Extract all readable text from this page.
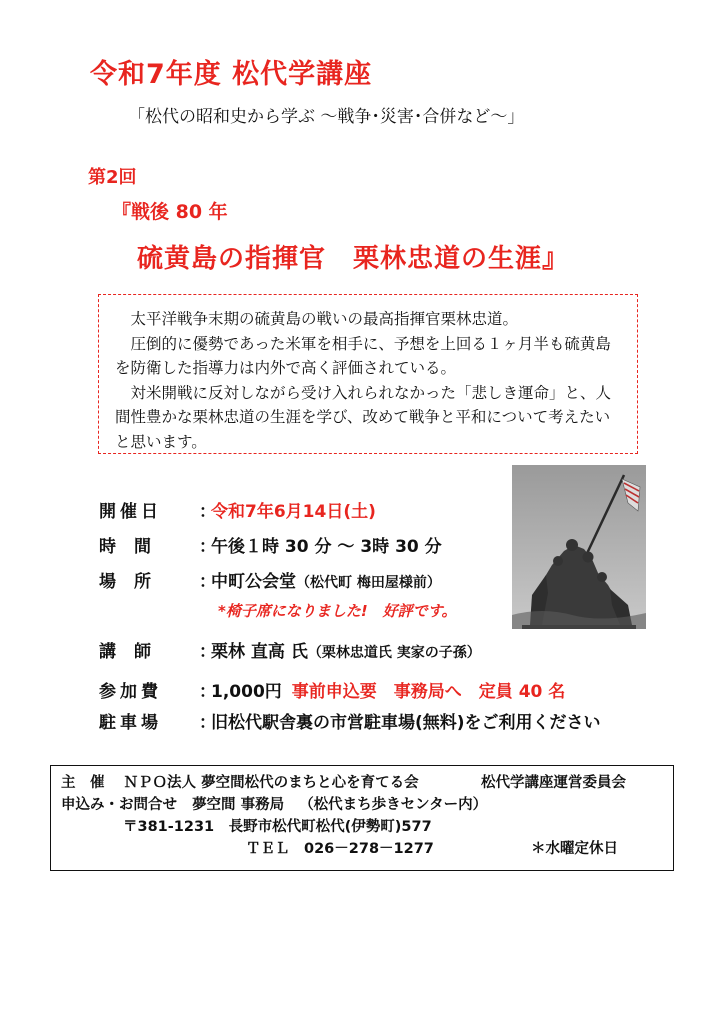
令和7年度 松代学講座
「松代の昭和史から学ぶ ～戦争･災害･合併など～」
第2回
『戦後 80 年
硫黄島の指揮官　栗林忠道の生涯』

太平洋戦争末期の硫黄島の戦いの最高指揮官栗林忠道。

圧倒的に優勢であった米軍を相手に、予想を上回る１ヶ月半も硫黄島を防衛した指導力は内外で高く評価されている。

対米開戦に反対しながら受け入れられなかった「悲しき運命」と、人間性豊かな栗林忠道の生涯を学び、改めて戦争と平和について考えたいと思います。

開催日	：
令和7年6月14日(土)
時間	：
午後１時 30 分 ～ 3時 30 分
場所	：
中町公会堂 （松代町 梅田屋様前）
*椅子席になりました!　好評です。
講師	：
栗林 直高 氏 （栗林忠道氏 実家の子孫）
参加費	：
1,000円 事前申込要　事務局へ　定員 40 名
駐車場	：
旧松代駅舎裏の市営駐車場(無料)をご利用ください
主　催 ＮＰＯ法人 夢空間松代のまちと心を育てる会	松代学講座運営委員会
申込み・お問合せ 夢空間 事務局 （松代まち歩きセンター内）
〒381-1231　長野市松代町松代(伊勢町)577
ＴＥＬ　026－278－1277	＊水曜定休日
